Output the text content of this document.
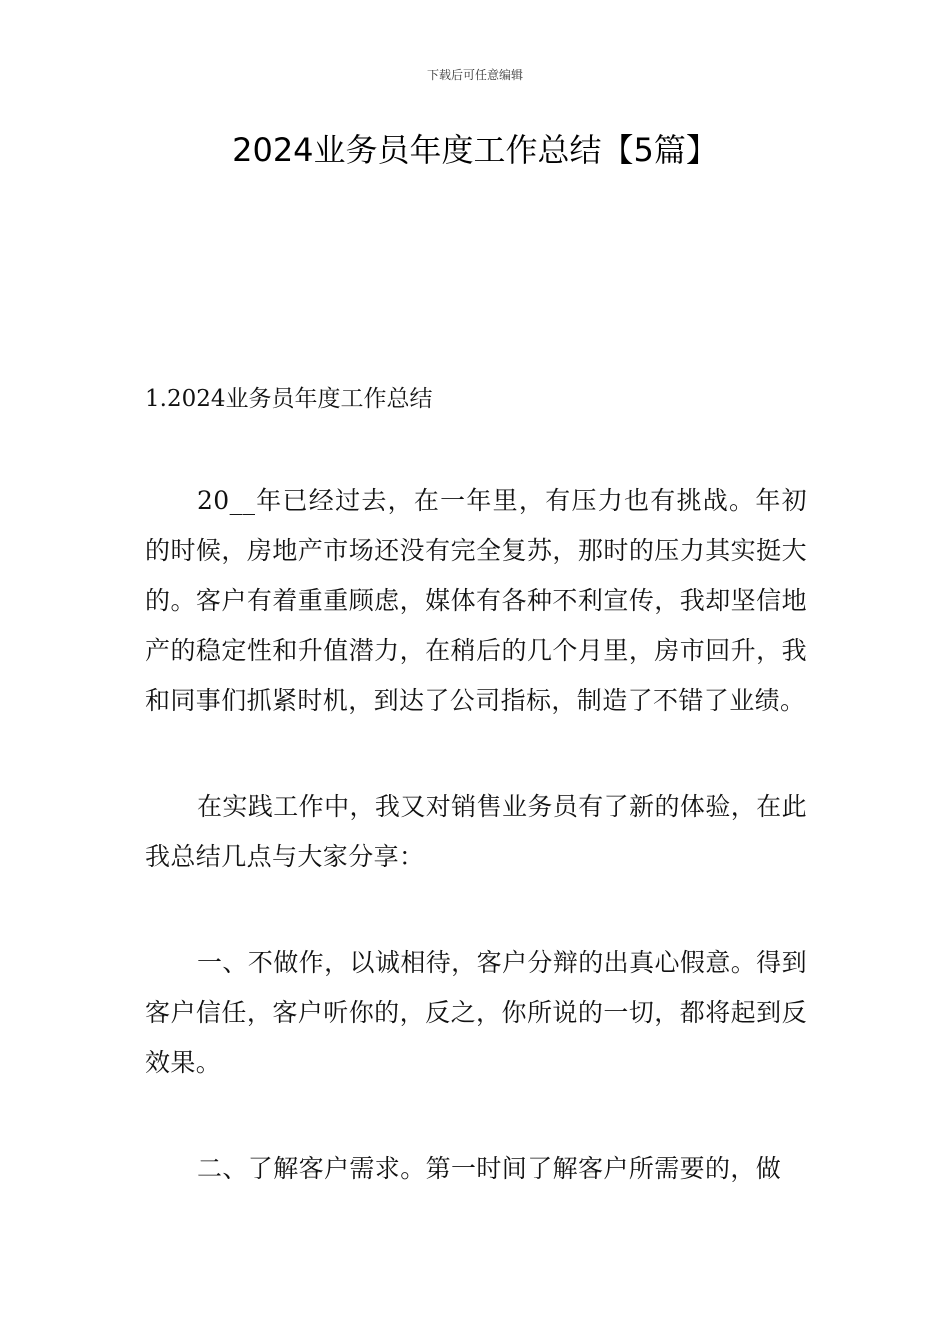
下载后可任意编辑
2024业务员年度工作总结【5篇】
1.2024业务员年度工作总结

20__年已经过去，在一年里，有压力也有挑战。年初的时候，房地产市场还没有完全复苏，那时的压力其实挺大的。客户有着重重顾虑，媒体有各种不利宣传，我却坚信地产的稳定性和升值潜力，在稍后的几个月里，房市回升，我和同事们抓紧时机，到达了公司指标，制造了不错了业绩。

在实践工作中，我又对销售业务员有了新的体验，在此我总结几点与大家分享：

一、不做作，以诚相待，客户分辩的出真心假意。得到客户信任，客户听你的，反之，你所说的一切，都将起到反效果。

二、了解客户需求。第一时间了解客户所需要的，做
